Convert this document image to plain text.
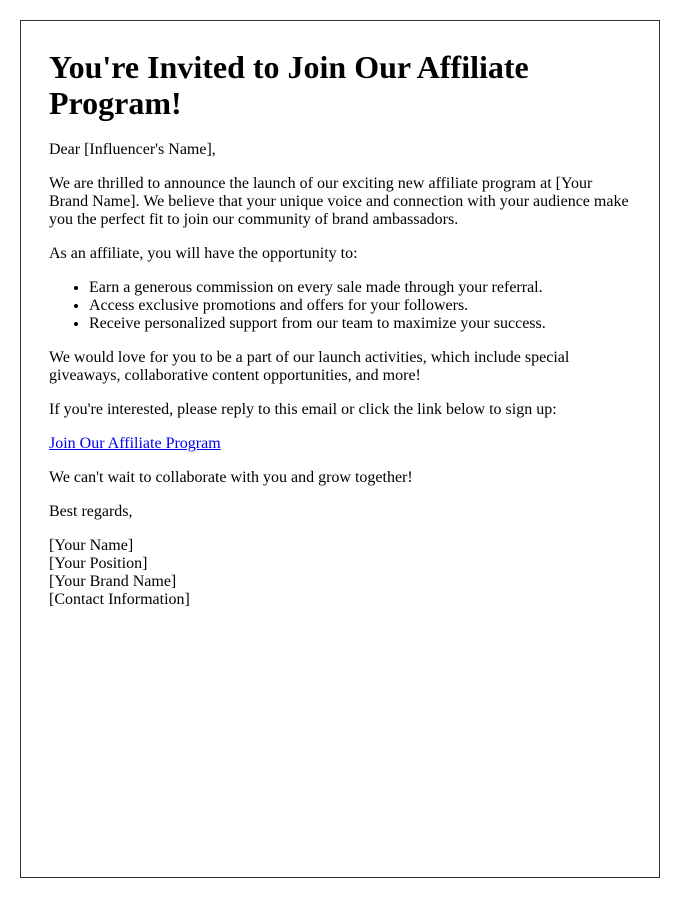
You're Invited to Join Our Affiliate Program!

Dear [Influencer's Name],

We are thrilled to announce the launch of our exciting new affiliate program at [Your Brand Name]. We believe that your unique voice and connection with your audience make you the perfect fit to join our community of brand ambassadors.

As an affiliate, you will have the opportunity to:

• Earn a generous commission on every sale made through your referral.
• Access exclusive promotions and offers for your followers.
• Receive personalized support from our team to maximize your success.

We would love for you to be a part of our launch activities, which include special giveaways, collaborative content opportunities, and more!

If you're interested, please reply to this email or click the link below to sign up:

Join Our Affiliate Program

We can't wait to collaborate with you and grow together!

Best regards,

[Your Name]

[Your Position]

[Your Brand Name]

[Contact Information]
